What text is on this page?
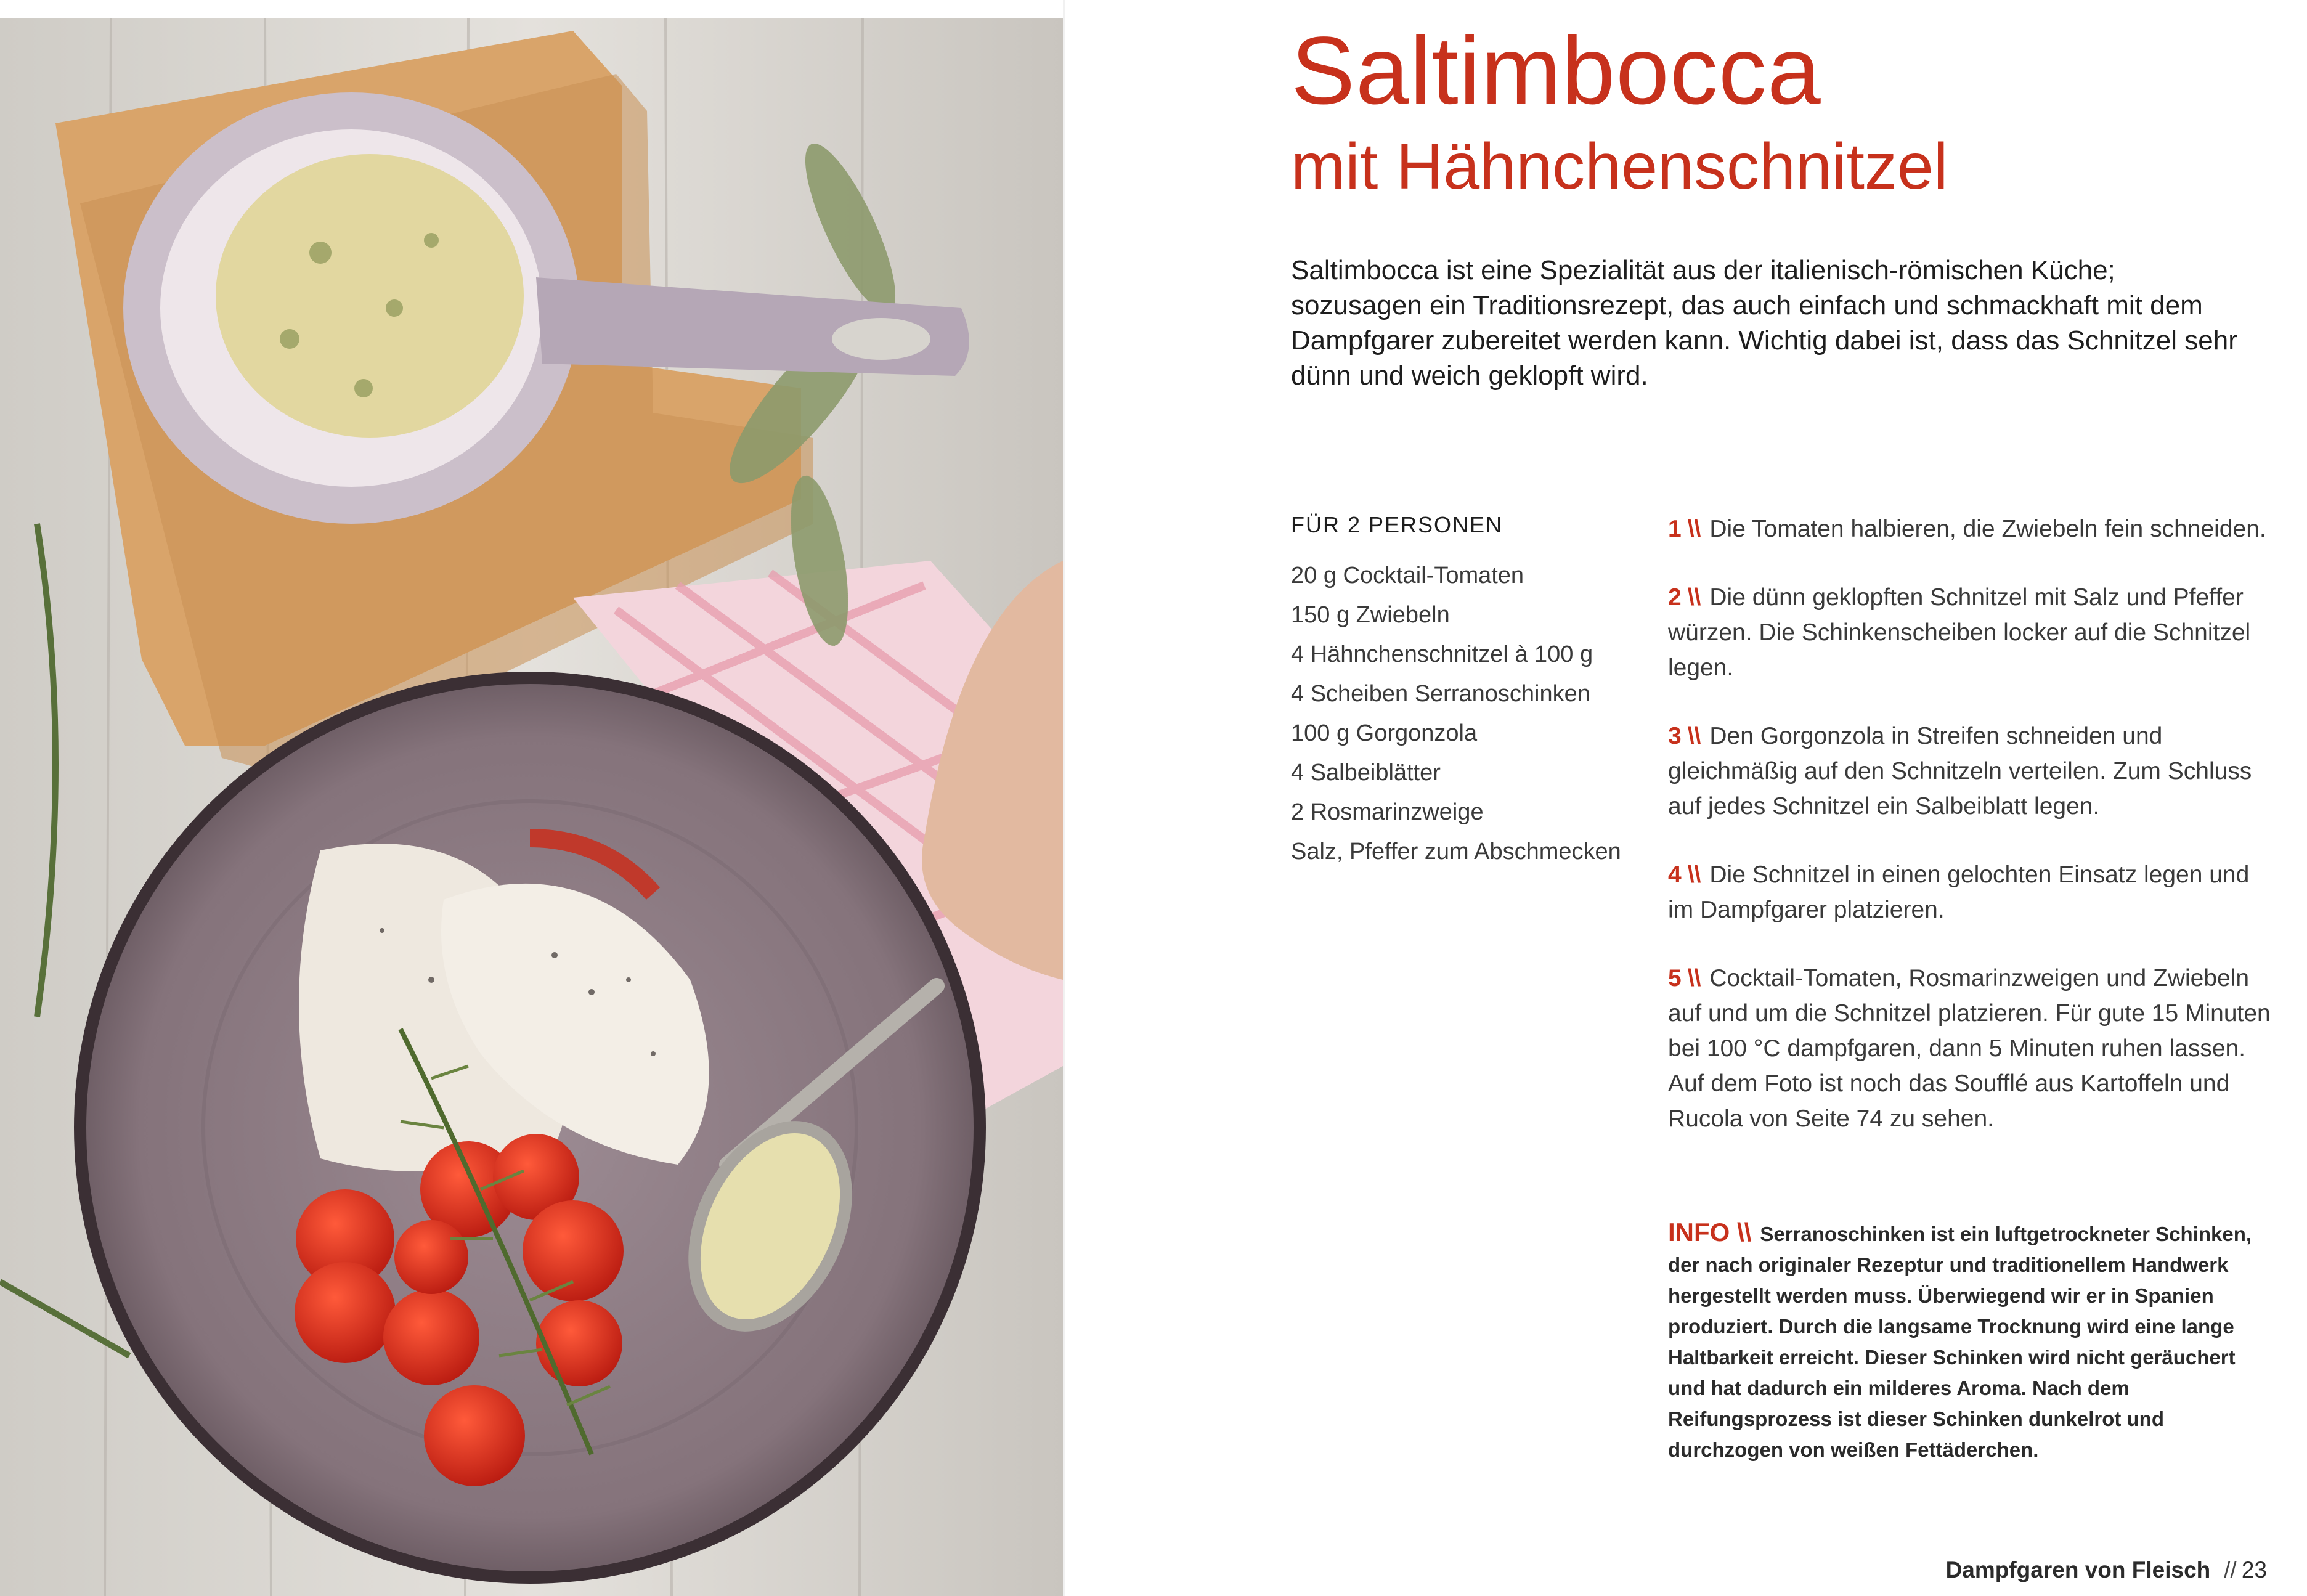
Saltimbocca
mit Hähnchenschnitzel

Saltimbocca ist eine Spezialität aus der italienisch-römischen Küche; sozusagen ein Traditionsrezept, das auch einfach und schmackhaft mit dem Dampfgarer zubereitet werden kann. Wichtig dabei ist, dass das Schnitzel sehr dünn und weich geklopft wird.

FÜR 2 PERSONEN

20 g Cocktail-Tomaten
150 g Zwiebeln
4 Hähnchenschnitzel à 100 g
4 Scheiben Serranoschinken
100 g Gorgonzola
4 Salbeiblätter
2 Rosmarinzweige
Salz, Pfeffer zum Abschmecken

1 \\ Die Tomaten halbieren, die Zwiebeln fein schneiden.

2 \\ Die dünn geklopften Schnitzel mit Salz und Pfeffer würzen. Die Schinkenscheiben locker auf die Schnitzel legen.

3 \\ Den Gorgonzola in Streifen schneiden und gleichmäßig auf den Schnitzeln verteilen. Zum Schluss auf jedes Schnitzel ein Salbeiblatt legen.

4 \\ Die Schnitzel in einen gelochten Einsatz legen und im Dampfgarer platzieren.

5 \\ Cocktail-Tomaten, Rosmarinzweigen und Zwiebeln auf und um die Schnitzel platzieren. Für gute 15 Minuten bei 100 °C dampfgaren, dann 5 Minuten ruhen lassen. Auf dem Foto ist noch das Soufflé aus Kartoffeln und Rucola von Seite 74 zu sehen.

INFO \\ Serranoschinken ist ein luftgetrockneter Schinken, der nach originaler Rezeptur und traditionellem Handwerk hergestellt werden muss. Überwiegend wir er in Spanien produziert. Durch die langsame Trocknung wird eine lange Haltbarkeit erreicht. Dieser Schinken wird nicht geräuchert und hat dadurch ein milderes Aroma. Nach dem Reifungsprozess ist dieser Schinken dunkelrot und durchzogen von weißen Fettäderchen.

Dampfgaren von Fleisch // 23
